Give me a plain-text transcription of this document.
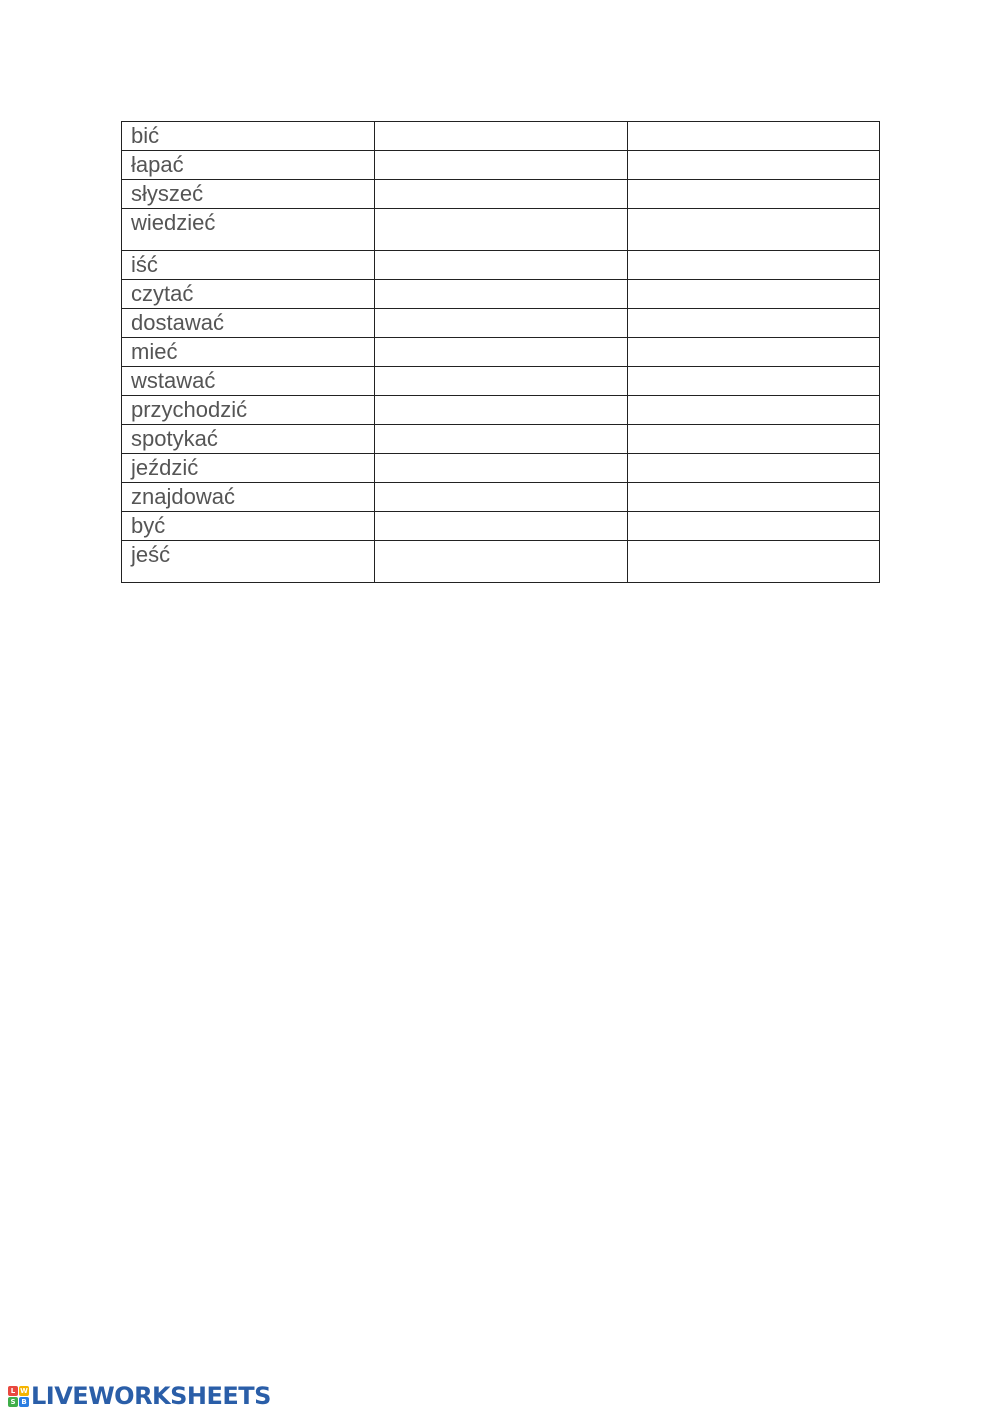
bić		

łapać		

słyszeć		

wiedzieć		

iść		

czytać		

dostawać		

mieć		

wstawać		

przychodzić		

spotykać		

jeździć		

znajdować		

być		

jeść		

L W
S B LIVEWORKSHEETS
